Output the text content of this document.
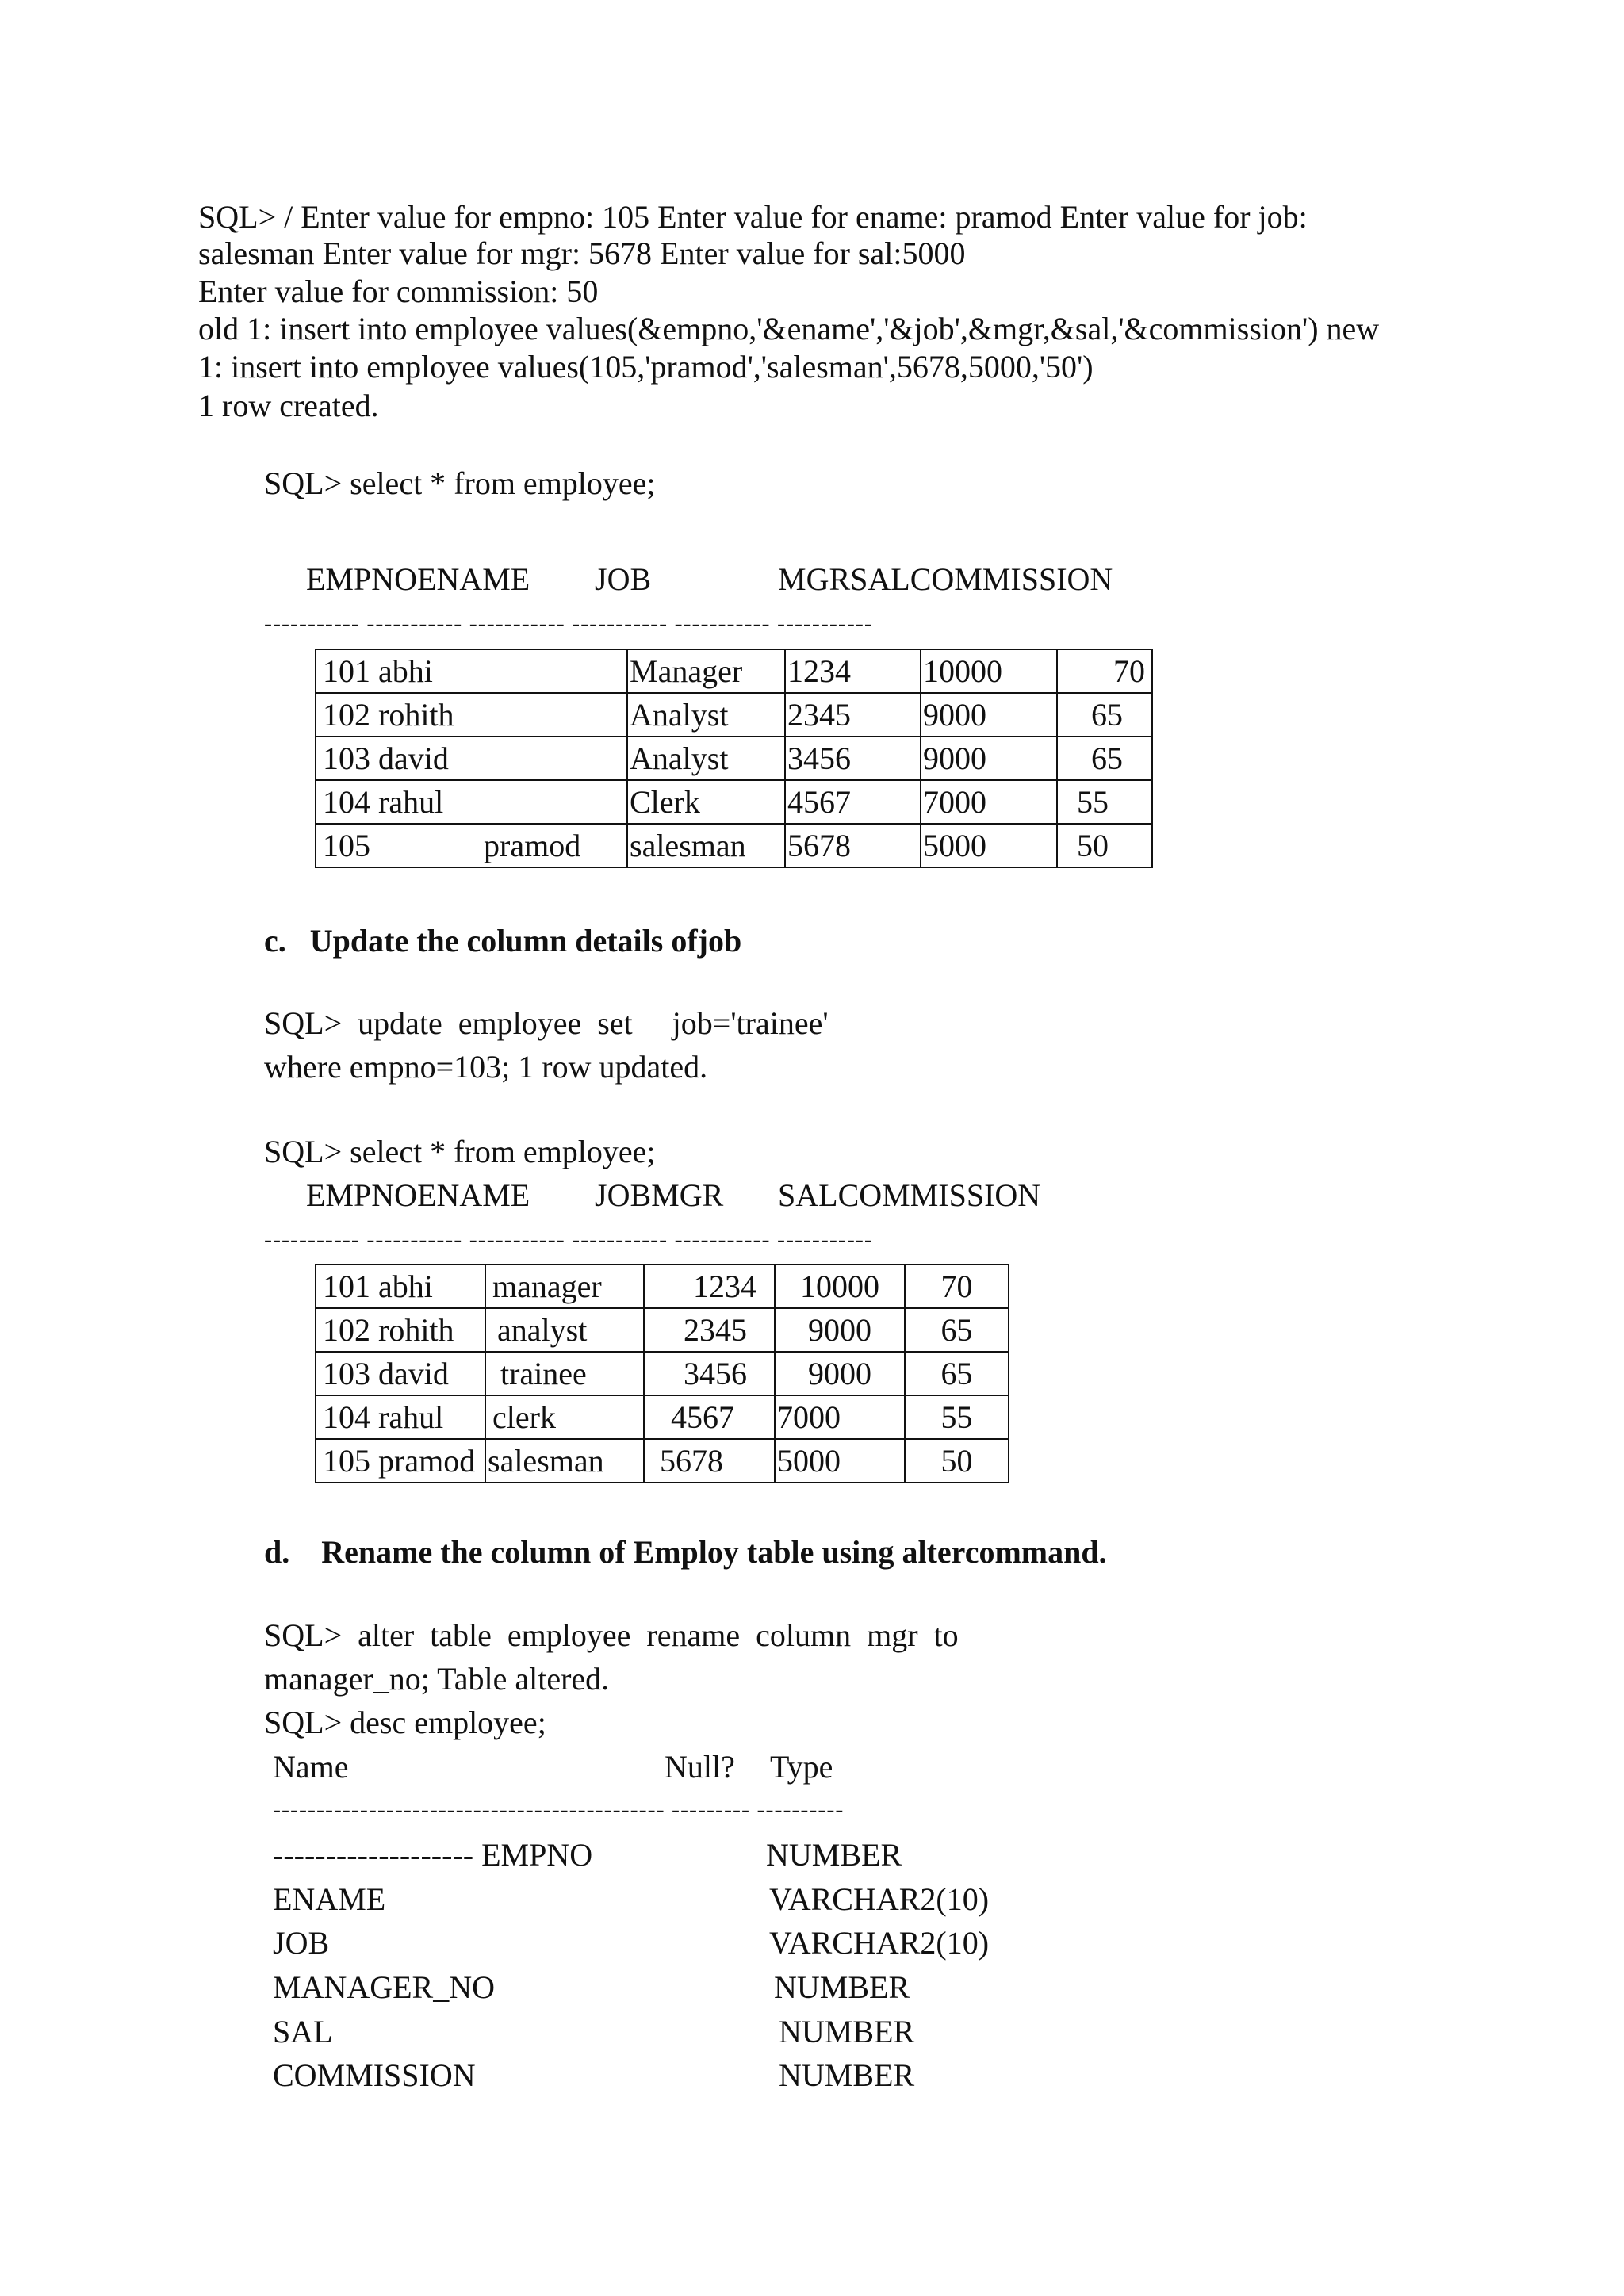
SQL> / Enter value for empno: 105 Enter value for ename: pramod Enter value for job:
salesman Enter value for mgr: 5678 Enter value for sal:5000
Enter value for commission: 50
old 1: insert into employee values(&empno,'&ename','&job',&mgr,&sal,'&commission') new
1: insert into employee values(105,'pramod','salesman',5678,5000,'50')
1 row created.
SQL> select * from employee;
EMPNOENAME JOB	MGRSALCOMMISSION
----------- ----------- ----------- ----------- ----------- -----------
101 abhi		Manager	1234	10000	70
102 rohith		Analyst	2345	9000	65
103 david		Analyst	3456	9000	65
104 rahul		Clerk	4567	7000	55
105	pramod	salesman	5678	5000	50
c.   Update the column details ofjob
SQL>  update  employee  set     job='trainee'
where empno=103; 1 row updated.
SQL> select * from employee;
EMPNOENAME JOBMGR SALCOMMISSION
----------- ----------- ----------- ----------- ----------- -----------
101 abhi	manager	1234	10000	70
102 rohith	analyst	2345	9000	65
103 david	trainee	3456	9000	65
104 rahul	clerk	4567	7000	55
105 pramod	salesman	5678	5000	50
d.    Rename the column of Employ table using altercommand.
SQL>  alter  table  employee  rename  column  mgr  to
manager_no; Table altered.
SQL> desc employee;
Name	Null? Type
--------------------------------------------- --------- ----------
------------------- EMPNO	NUMBER
ENAME	VARCHAR2(10)
JOB	VARCHAR2(10)
MANAGER_NO	NUMBER
SAL	NUMBER
COMMISSION	NUMBER
